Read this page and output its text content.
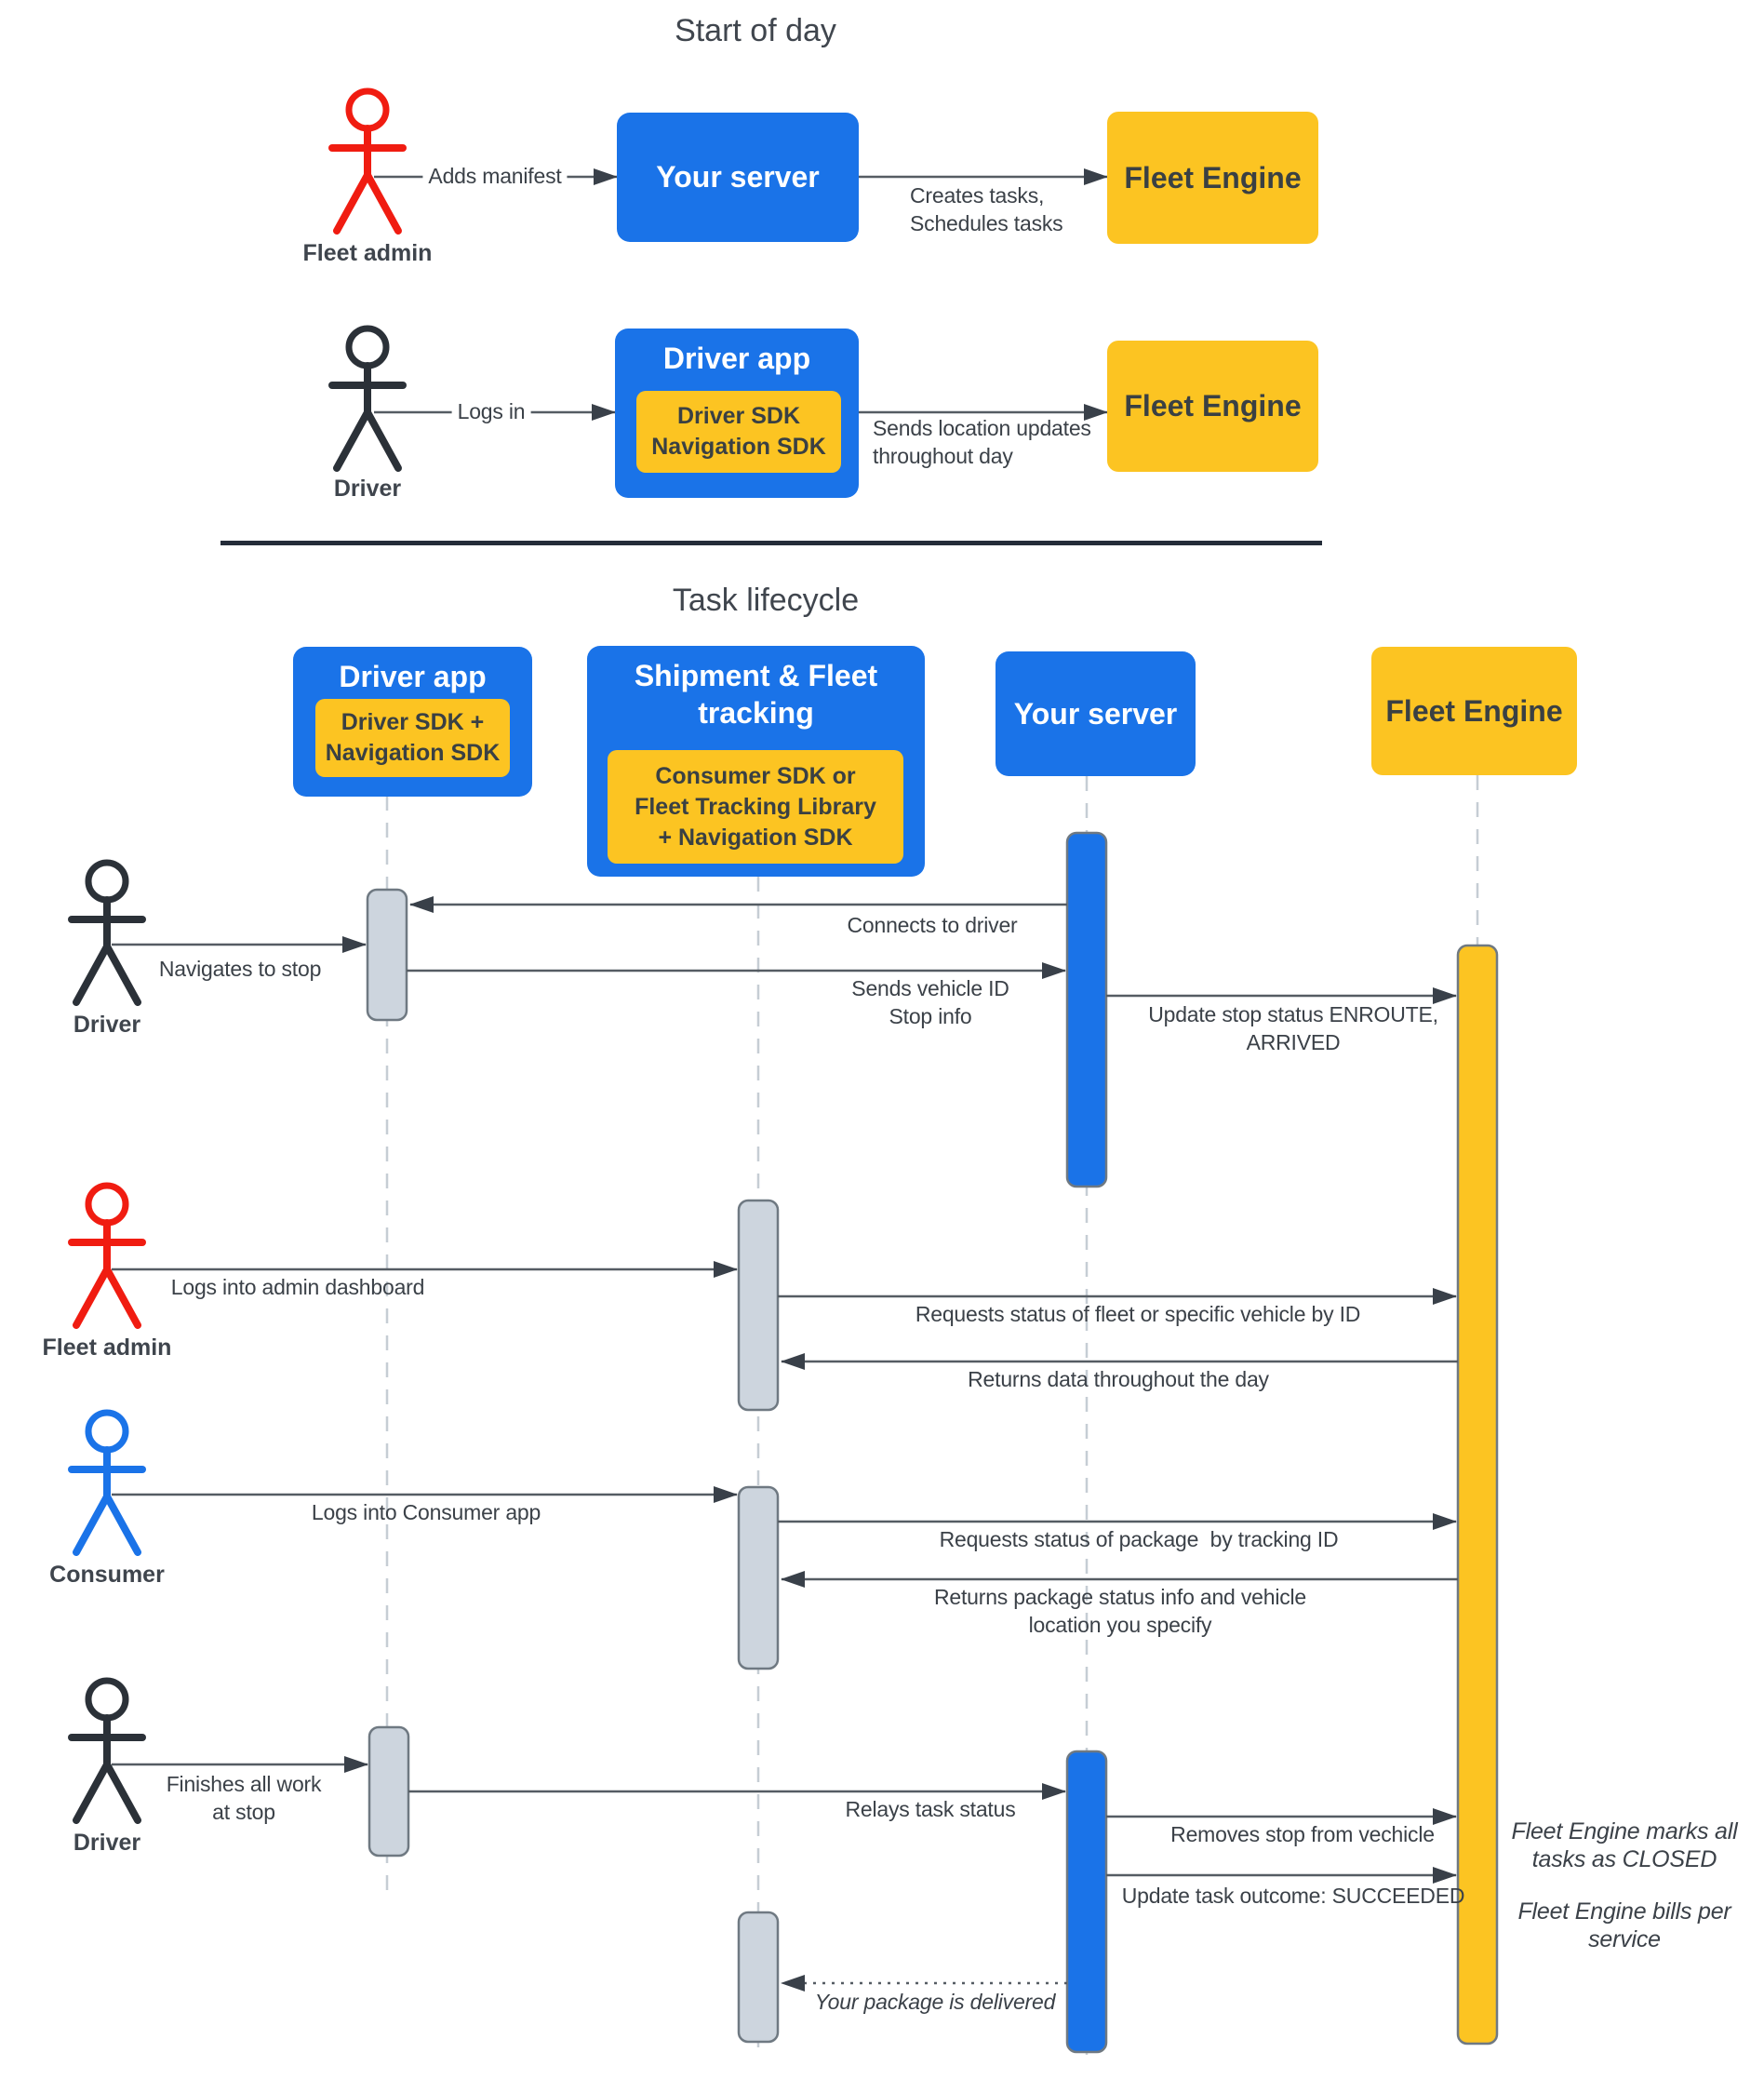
Start of day
Task lifecycle
Your server	Fleet Engine
Driver app
Driver SDK
Navigation SDK
Fleet Engine
Driver app
Driver SDK +
Navigation SDK
Shipment & Fleet
tracking
Consumer SDK or
Fleet Tracking Library
+ Navigation SDK
Your server	Fleet Engine
Fleet admin
Driver
Driver
Fleet admin
Consumer
Driver
Adds manifest
Creates tasks,
Schedules tasks
Logs in
Sends location updates
throughout day
Connects to driver
Navigates to stop
Sends vehicle ID
Stop info	Update stop status ENROUTE,
ARRIVED
Logs into admin dashboard
Requests status of fleet or specific vehicle by ID
Returns data throughout the day
Logs into Consumer app
Requests status of package  by tracking ID
Returns package status info and vehicle
location you specify
Finishes all work
at stop	Relays task status
Removes stop from vechicle
Update task outcome: SUCCEEDED
Your package is delivered
Fleet Engine marks all
tasks as CLOSED
Fleet Engine bills per
service
